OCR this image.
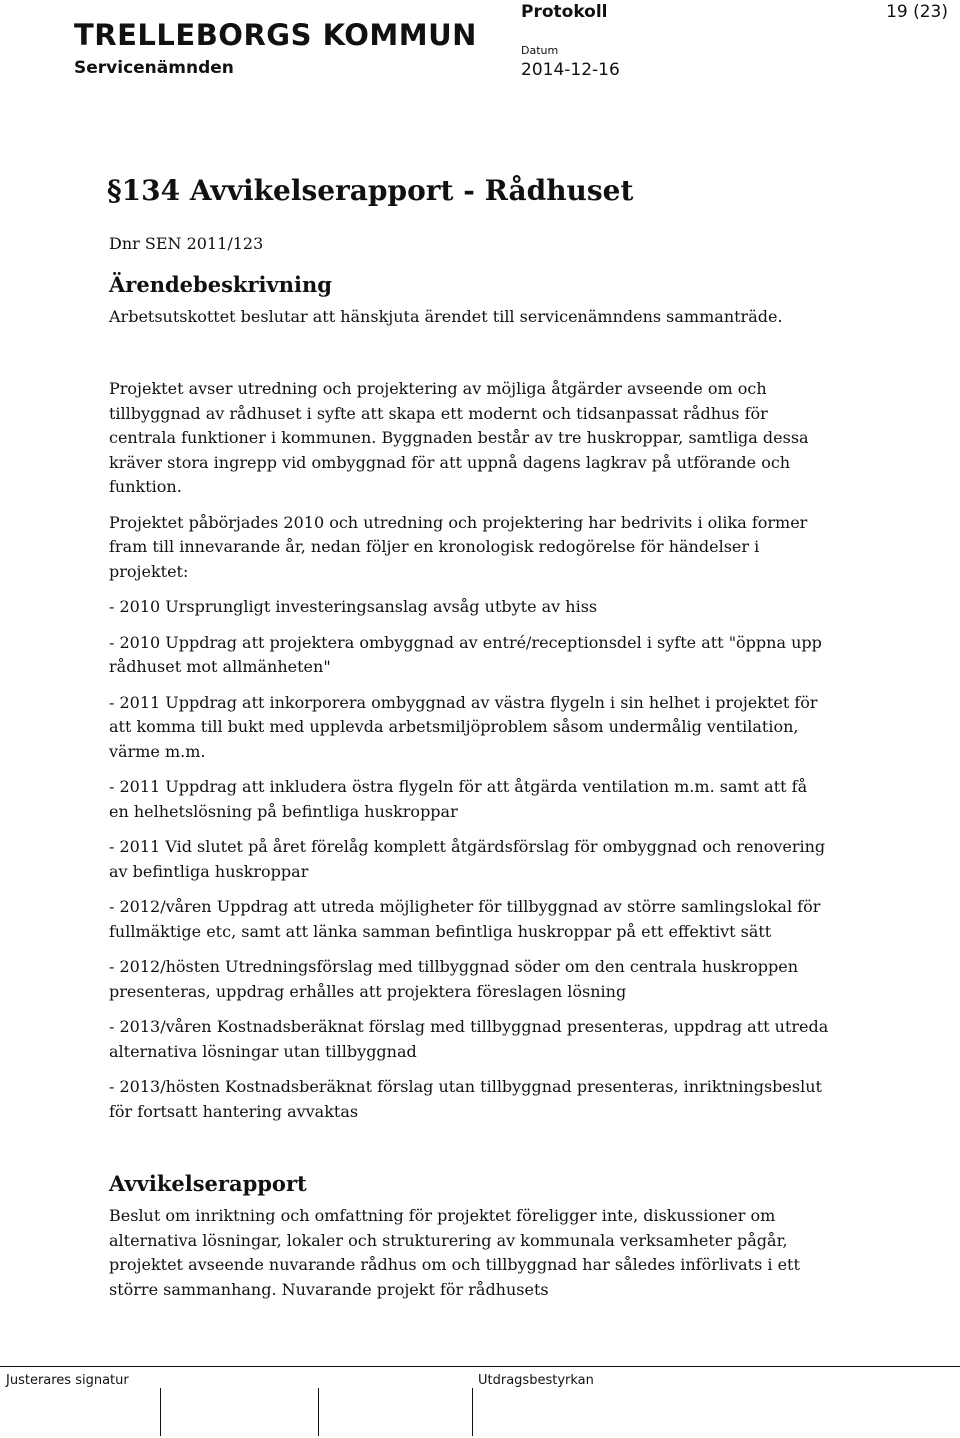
TRELLEBORGS KOMMUN
Servicenämnden
Protokoll
Datum
2014-12-16
19 (23)
§134 Avvikelserapport - Rådhuset

Dnr SEN 2011/123

Ärendebeskrivning

Arbetsutskottet beslutar att hänskjuta ärendet till servicenämndens sammanträde.

Projektet avser utredning och projektering av möjliga åtgärder avseende om och tillbyggnad av rådhuset i syfte att skapa ett modernt och tidsanpassat rådhus för centrala funktioner i kommunen. Byggnaden består av tre huskroppar, samtliga dessa kräver stora ingrepp vid ombyggnad för att uppnå dagens lagkrav på utförande och funktion.

Projektet påbörjades 2010 och utredning och projektering har bedrivits i olika former fram till innevarande år, nedan följer en kronologisk redogörelse för händelser i projektet:

- 2010 Ursprungligt investeringsanslag avsåg utbyte av hiss

- 2010 Uppdrag att projektera ombyggnad av entré/receptionsdel i syfte att "öppna upp rådhuset mot allmänheten"

- 2011 Uppdrag att inkorporera ombyggnad av västra flygeln i sin helhet i projektet för att komma till bukt med upplevda arbetsmiljöproblem såsom undermålig ventilation, värme m.m.

- 2011 Uppdrag att inkludera östra flygeln för att åtgärda ventilation m.m. samt att få en helhetslösning på befintliga huskroppar

- 2011 Vid slutet på året förelåg komplett åtgärdsförslag för ombyggnad och renovering av befintliga huskroppar

- 2012/våren Uppdrag att utreda möjligheter för tillbyggnad av större samlingslokal för fullmäktige etc, samt att länka samman befintliga huskroppar på ett effektivt sätt

- 2012/hösten Utredningsförslag med tillbyggnad söder om den centrala huskroppen presenteras, uppdrag erhålles att projektera föreslagen lösning

- 2013/våren Kostnadsberäknat förslag med tillbyggnad presenteras, uppdrag att utreda alternativa lösningar utan tillbyggnad

- 2013/hösten Kostnadsberäknat förslag utan tillbyggnad presenteras, inriktningsbeslut för fortsatt hantering avvaktas

Avvikelserapport

Beslut om inriktning och omfattning för projektet föreligger inte, diskussioner om alternativa lösningar, lokaler och strukturering av kommunala verksamheter pågår, projektet avseende nuvarande rådhus om och tillbyggnad har således införlivats i ett större sammanhang. Nuvarande projekt för rådhusets

Justerares signatur	Utdragsbestyrkan
